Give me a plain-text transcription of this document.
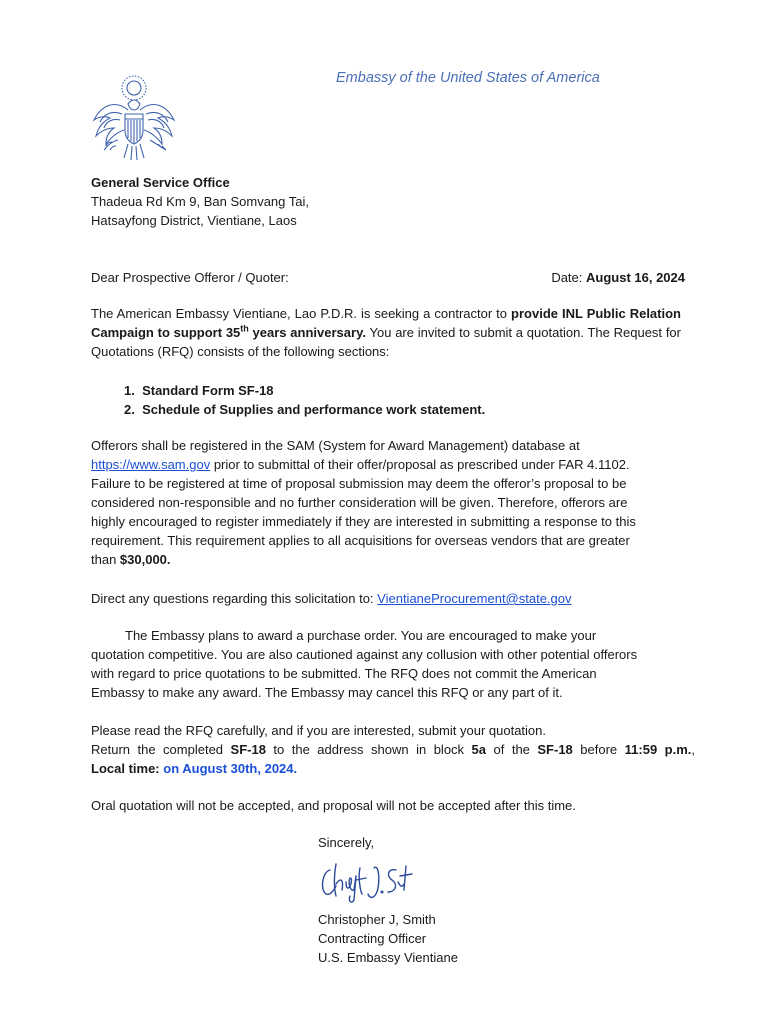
Embassy of the United States of America
General Service Office
Thadeua Rd Km 9, Ban Somvang Tai,
Hatsayfong District, Vientiane, Laos
Dear Prospective Offeror / Quoter:	Date: August 16, 2024
The American Embassy Vientiane, Lao P.D.R. is seeking a contractor to provide INL Public Relation Campaign to support 35th years anniversary. You are invited to submit a quotation. The Request for Quotations (RFQ) consists of the following sections:
1.  Standard Form SF-18
2.  Schedule of Supplies and performance work statement.
Offerors shall be registered in the SAM (System for Award Management) database at
https://www.sam.gov prior to submittal of their offer/proposal as prescribed under FAR 4.1102. Failure to be registered at time of proposal submission may deem the offeror’s proposal to be considered non-responsible and no further consideration will be given. Therefore, offerors are highly encouraged to register immediately if they are interested in submitting a response to this requirement. This requirement applies to all acquisitions for overseas vendors that are greater than $30,000.
Direct any questions regarding this solicitation to: VientianeProcurement@state.gov
The Embassy plans to award a purchase order. You are encouraged to make your quotation competitive. You are also cautioned against any collusion with other potential offerors with regard to price quotations to be submitted. The RFQ does not commit the American Embassy to make any award. The Embassy may cancel this RFQ or any part of it.
Please read the RFQ carefully, and if you are interested, submit your quotation.
Return the completed SF-18 to the address shown in block 5a of the SF-18 before 11:59 p.m.,
Local time: on August 30th, 2024.
Oral quotation will not be accepted, and proposal will not be accepted after this time.
Sincerely,
Christopher J, Smith
Contracting Officer
U.S. Embassy Vientiane
